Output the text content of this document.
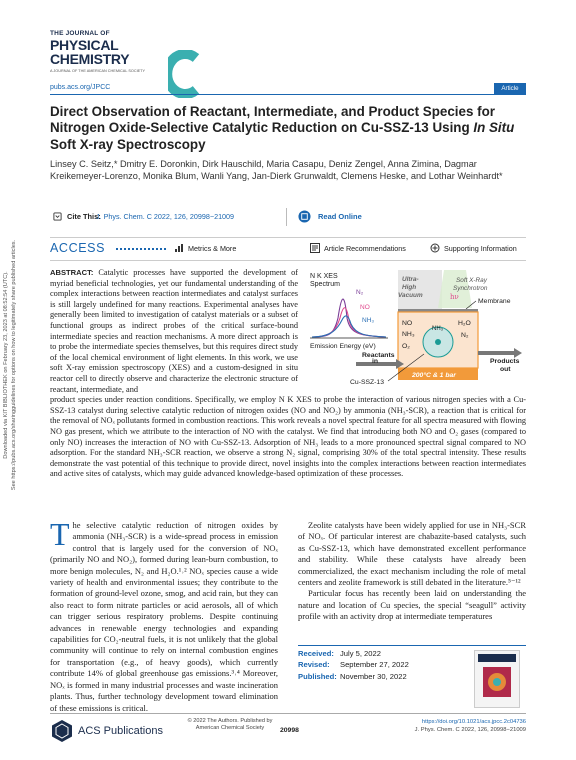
Downloaded via KIT BIBLIOTHEK on February 23, 2023 at 08:52:54 (UTC). See https://pubs.acs.org/sharingguidelines for options on how to legitimately share published articles.
THE JOURNAL OF
PHYSICAL
CHEMISTRY
A JOURNAL OF THE AMERICAN CHEMICAL SOCIETY
pubs.acs.org/JPCC	Article
Direct Observation of Reactant, Intermediate, and Product Species for Nitrogen Oxide-Selective Catalytic Reduction on Cu-SSZ-13 Using In Situ Soft X-ray Spectroscopy
Linsey C. Seitz,* Dmitry E. Doronkin, Dirk Hauschild, Maria Casapu, Deniz Zengel, Anna Zimina, Dagmar Kreikemeyer-Lorenzo, Monika Blum, Wanli Yang, Jan-Dierk Grunwaldt, Clemens Heske, and Lothar Weinhardt*
Cite This:
J. Phys. Chem. C 2022, 126, 20998−21009	Read Online
ACCESS	Metrics & More	Article Recommendations	Supporting Information
ABSTRACT: Catalytic processes have supported the development of myriad beneficial technologies, yet our fundamental understanding of the complex interactions between reaction intermediates and catalyst surfaces is still largely undefined for many reactions. Experimental analyses have generally been limited to investigation of catalyst materials or a subset of functional groups as indirect probes of the critical surface-bound intermediate species and reaction mechanisms. A more direct approach is to probe the intermediate species themselves, but this requires direct study of the local chemical environment of light elements. In this work, we use soft X-ray emission spectroscopy (XES) and a custom-designed in situ reactor cell to directly observe and characterize the electronic structure of reactant, intermediate, and
product species under reaction conditions. Specifically, we employ N K XES to probe the interaction of various nitrogen species with a Cu-SSZ-13 catalyst during selective catalytic reduction of nitrogen oxides (NO and NO₂) by ammonia (NH₃-SCR), a reaction that is critical for the removal of NOₓ pollutants formed in combustion reactions. This work reveals a novel spectral feature for all spectra measured with flowing NO gas present, which we attribute to the interaction of NO with the catalyst. We find that introducing both NO and O₂ gases (compared to only NO) increases the interaction of NO with Cu-SSZ-13. Adsorption of NH₃ leads to a more pronounced spectral signal compared to NO adsorption. For the standard NH₃-SCR reaction, we observe a strong N₂ signal, comprising 30% of the total spectral intensity. These results demonstrate the vast potential of this technique to provide direct, novel insights into the complex interactions between reaction intermediates and active sites of catalysts, which may guide advanced knowledge-based optimization of these processes.
N K XES
Spectrum
N₂
NO
NH₃
Emission Energy (eV)
Ultra-
High
Vacuum
Soft X-Ray
Synchrotron
hν
Membrane
NO
NH₃
O₂
H₂O
N₂
NH₃
200°C & 1 bar
Reactants
in	Products
out
Cu-SSZ-13
The selective catalytic reduction of nitrogen oxides by ammonia (NH₃-SCR) is a wide-spread process in emission control that is largely used for the conversion of NOₓ (primarily NO and NO₂), formed during lean-burn combustion, to more benign molecules, N₂ and H₂O.¹˒² NOₓ species cause a wide variety of health and environmental issues; they contribute to the formation of ground-level ozone, smog, and acid rain, but they can also react to form nitrate particles or acid aerosols, all of which can trigger serious respiratory problems. Despite continuing advances in renewable energy technologies and expanding capabilities for CO₂-neutral fuels, it is not unlikely that the global community will continue to rely on internal combustion engines for transportation (e.g., of heavy goods), which currently contribute 14% of global greenhouse gas emissions.³˒⁴ Moreover, NOₓ is formed in many industrial processes and waste incineration plants. Thus, further technology development toward elimination of these emissions is critical.

Zeolite catalysts have been widely applied for use in NH₃-SCR of NOₓ. Of particular interest are chabazite-based catalysts, such as Cu-SSZ-13, which have demonstrated excellent performance and stability. While these catalysts have already been commercialized, the exact mechanism including the role of metal centers and zeolite framework is still debated in the literature.⁵⁻¹²

Particular focus has recently been laid on understanding the nature and location of Cu species, the special “seagull” activity profile with an activity drop at intermediate temperatures

Received: July 5, 2022
Revised: September 27, 2022
Published: November 30, 2022
ACS Publications
© 2022 The Authors. Published by
American Chemical Society	20998
https://doi.org/10.1021/acs.jpcc.2c04736
J. Phys. Chem. C 2022, 126, 20998−21009
